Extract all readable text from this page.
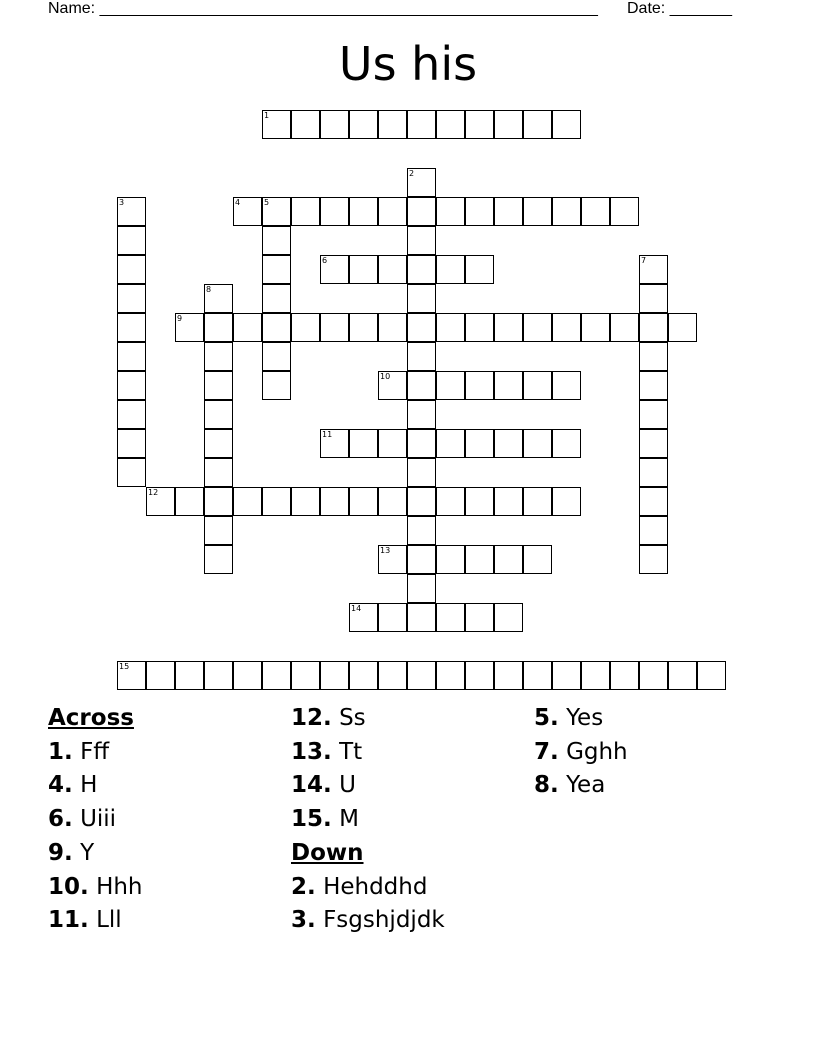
Name: ________________________________________________________ Date: _______
Us his
1
2
3	4	5
6	7
8
9
10
11
12
13
14
15
Across
1. Fff
4. H
6. Uiii
9. Y
10. Hhh
11. Lll
12. Ss
13. Tt
14. U
15. M
Down
2. Hehddhd
3. Fsgshjdjdk
5. Yes
7. Gghh
8. Yea
